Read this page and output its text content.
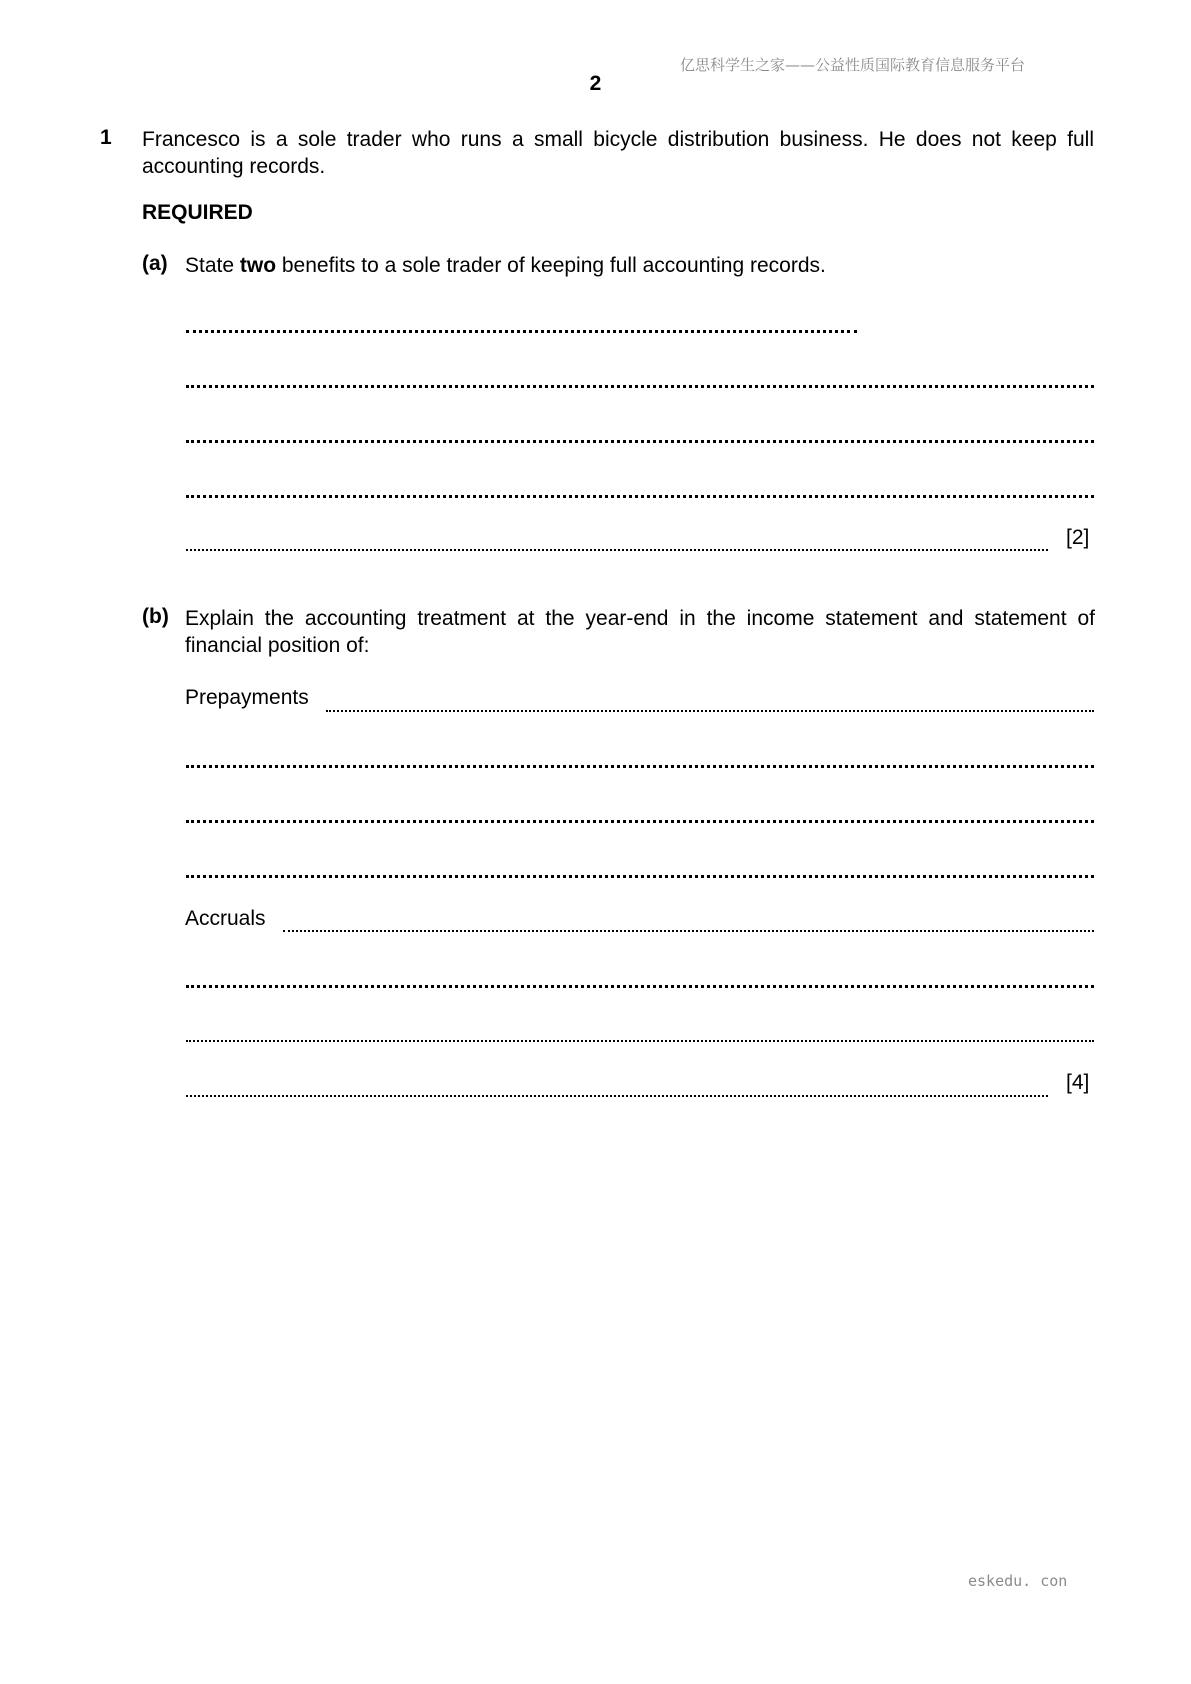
亿思科学生之家——公益性质国际教育信息服务平台
2
1 Francesco is a sole trader who runs a small bicycle distribution business. He does not keep full accounting records.
REQUIRED
(a) State two benefits to a sole trader of keeping full accounting records.
[2]
(b) Explain the accounting treatment at the year-end in the income statement and statement of financial position of:
Prepayments
Accruals
[4]
eskedu. con
